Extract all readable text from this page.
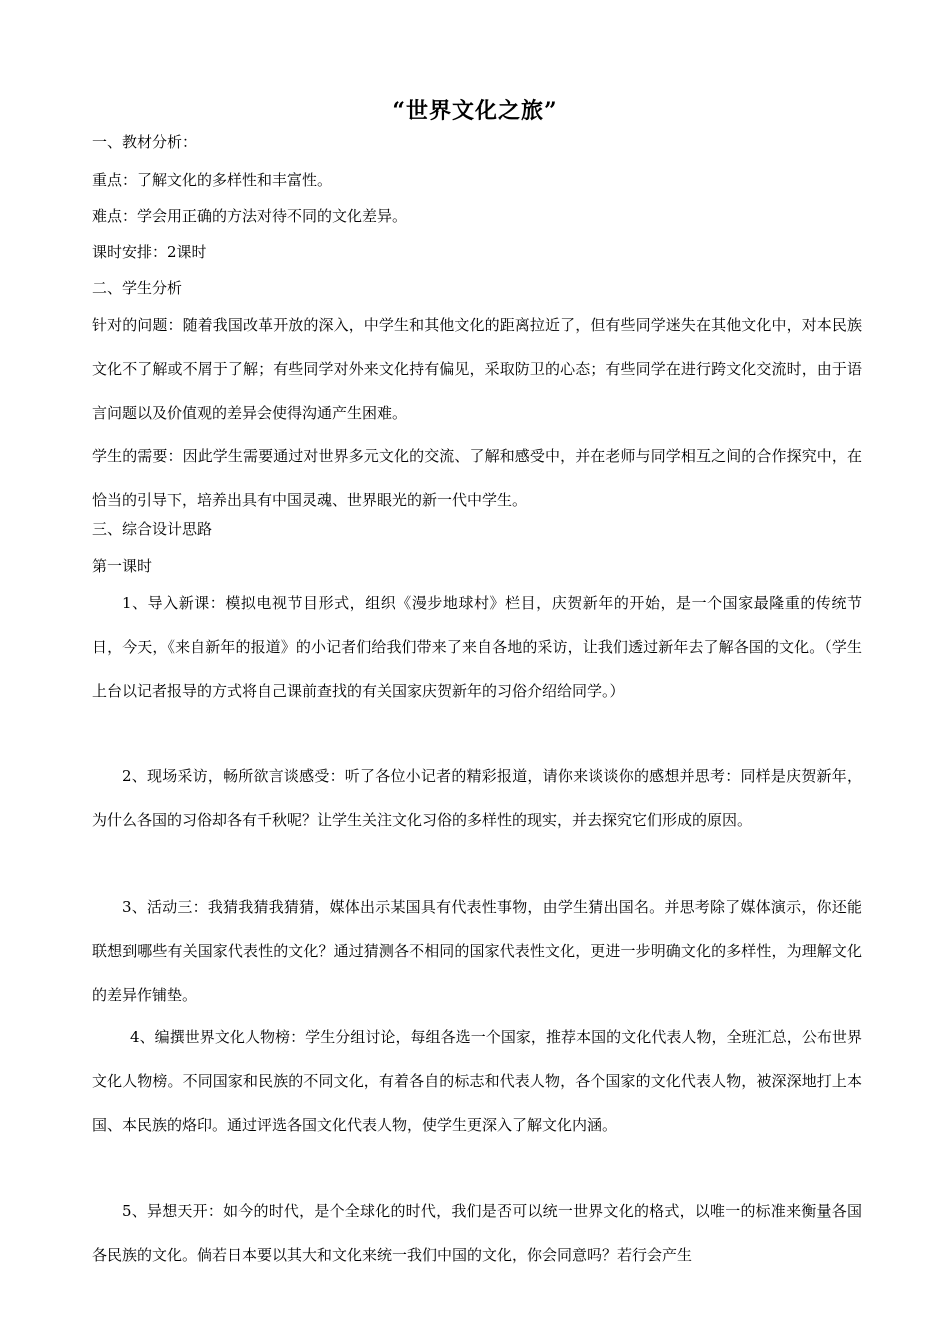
“世界文化之旅”
一、教材分析：
重点：了解文化的多样性和丰富性。
难点：学会用正确的方法对待不同的文化差异。
课时安排：2课时
二、学生分析
针对的问题：随着我国改革开放的深入，中学生和其他文化的距离拉近了，但有些同学迷失在其他文化中，对本民族文化不了解或不屑于了解；有些同学对外来文化持有偏见，采取防卫的心态；有些同学在进行跨文化交流时，由于语言问题以及价值观的差异会使得沟通产生困难。
学生的需要：因此学生需要通过对世界多元文化的交流、了解和感受中，并在老师与同学相互之间的合作探究中，在恰当的引导下，培养出具有中国灵魂、世界眼光的新一代中学生。
三、综合设计思路
第一课时
1、导入新课：模拟电视节目形式，组织《漫步地球村》栏目，庆贺新年的开始，是一个国家最隆重的传统节日，今天，《来自新年的报道》的小记者们给我们带来了来自各地的采访，让我们透过新年去了解各国的文化。（学生上台以记者报导的方式将自己课前查找的有关国家庆贺新年的习俗介绍给同学。）
2、现场采访，畅所欲言谈感受：听了各位小记者的精彩报道，请你来谈谈你的感想并思考：同样是庆贺新年，为什么各国的习俗却各有千秋呢？让学生关注文化习俗的多样性的现实，并去探究它们形成的原因。
3、活动三：我猜我猜我猜猜，媒体出示某国具有代表性事物，由学生猜出国名。并思考除了媒体演示，你还能联想到哪些有关国家代表性的文化？通过猜测各不相同的国家代表性文化，更进一步明确文化的多样性，为理解文化的差异作铺垫。
4、编撰世界文化人物榜：学生分组讨论，每组各选一个国家，推荐本国的文化代表人物，全班汇总，公布世界文化人物榜。不同国家和民族的不同文化，有着各自的标志和代表人物，各个国家的文化代表人物，被深深地打上本国、本民族的烙印。通过评选各国文化代表人物，使学生更深入了解文化内涵。
5、异想天开：如今的时代，是个全球化的时代，我们是否可以统一世界文化的格式，以唯一的标准来衡量各国各民族的文化。倘若日本要以其大和文化来统一我们中国的文化，你会同意吗？若行会产生
